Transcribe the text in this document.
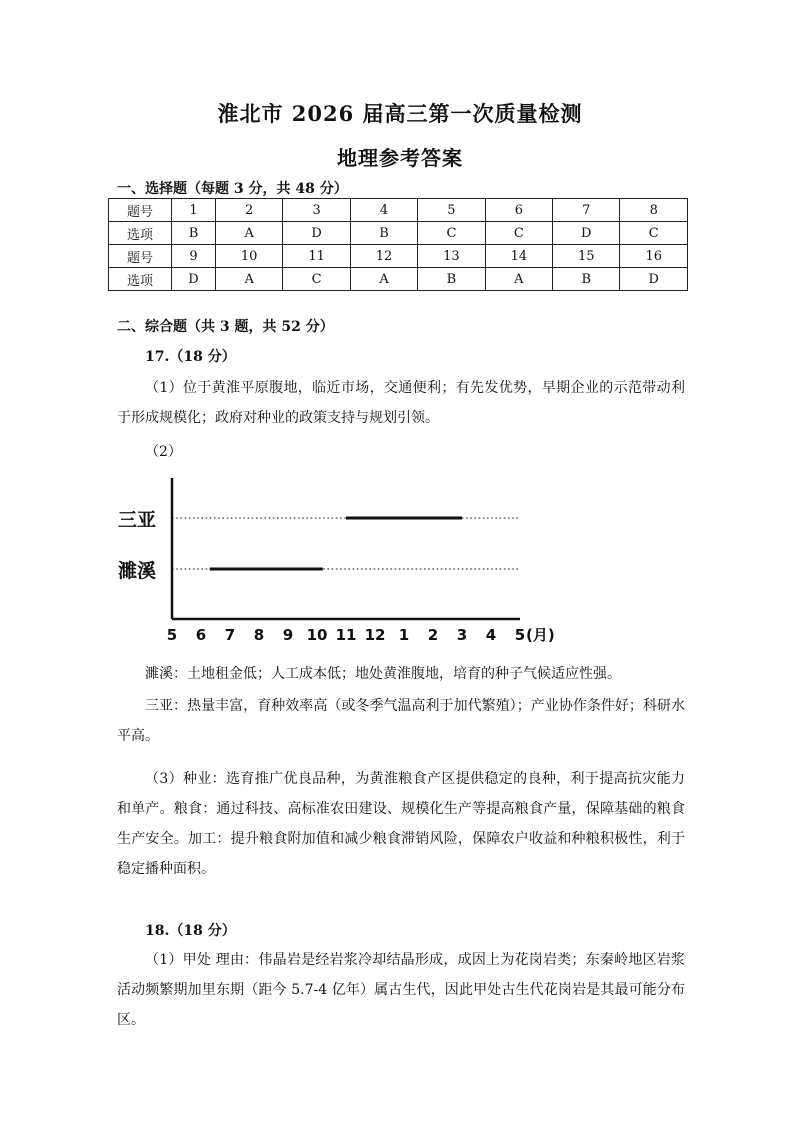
淮北市 2026 届高三第一次质量检测
地理参考答案
一、选择题（每题 3 分，共 48 分）
题号	1	2	3	4	5	6	7	8
选项	B	A	D	B	C	C	D	C
题号	9	10	11	12	13	14	15	16
选项	D	A	C	A	B	A	B	D
二、综合题（共 3 题，共 52 分）
17.（18 分）
（1）位于黄淮平原腹地，临近市场，交通便利；有先发优势，早期企业的示范带动利于形成规模化；政府对种业的政策支持与规划引领。
（2）
三亚
濉溪
5 6 7 8 9 10 11 12 1 2 3 4 5 (月)
濉溪：土地租金低；人工成本低；地处黄淮腹地，培育的种子气候适应性强。
三亚：热量丰富，育种效率高（或冬季气温高利于加代繁殖）；产业协作条件好；科研水平高。
（3）种业：选育推广优良品种，为黄淮粮食产区提供稳定的良种，利于提高抗灾能力和单产。粮食：通过科技、高标准农田建设、规模化生产等提高粮食产量，保障基础的粮食生产安全。加工：提升粮食附加值和减少粮食滞销风险，保障农户收益和种粮积极性，利于稳定播种面积。
18.（18 分）
（1）甲处 理由：伟晶岩是经岩浆冷却结晶形成，成因上为花岗岩类；东秦岭地区岩浆活动频繁期加里东期（距今 5.7-4 亿年）属古生代，因此甲处古生代花岗岩是其最可能分布区。
